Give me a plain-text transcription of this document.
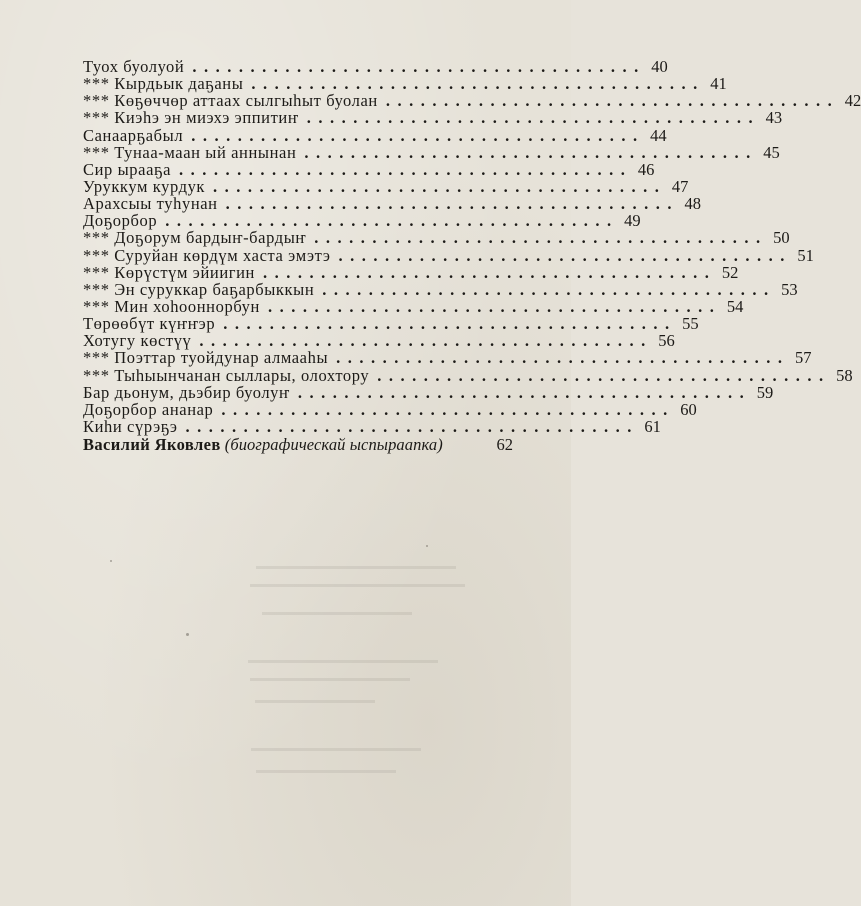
Туох буолуой ....................................... 40
*** Кырдьык даҕаны ....................................... 41
*** Көҕөччөр аттаах сылгыһыт буолан ....................................... 42
*** Киэһэ эн миэхэ эппитиҥ ....................................... 43
Санаарҕабыл ....................................... 44
*** Тунаа-маан ый аннынан ....................................... 45
Сир ырааҕа ....................................... 46
Уруккум курдук ....................................... 47
Арахсыы туһунан ....................................... 48
Доҕорбор ....................................... 49
*** Доҕорум бардыҥ-бардыҥ ....................................... 50
*** Суруйан көрдүм хаста эмэтэ ....................................... 51
*** Көрүстүм эйиигин ....................................... 52
*** Эн суруккар баҕарбыккын ....................................... 53
*** Мин хоһооннорбун ....................................... 54
Төрөөбүт күҥҥэр ....................................... 55
Хотугу көстүү ....................................... 56
*** Поэттар туойдунар алмааһы ....................................... 57
*** Тыһыынчанан сыллары, олохтору ....................................... 58
Бар дьонум, дьэбир буолуҥ ....................................... 59
Доҕорбор ананар ....................................... 60
Киһи сүрэҕэ ....................................... 61
Василий Яковлев (биографическай ыспыраапка)	62
